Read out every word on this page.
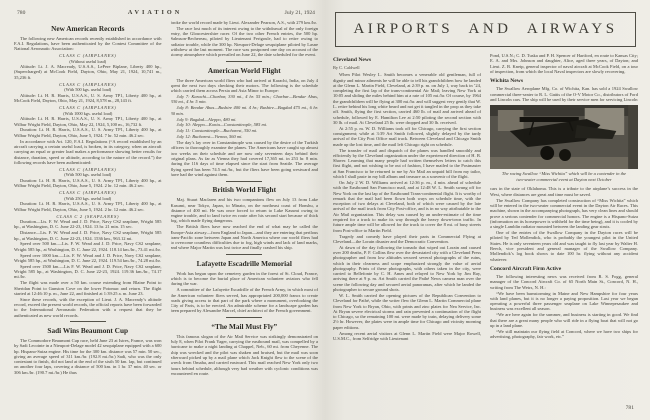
780	AVIATION	July 21, 1924
New American Records
The following new American records recently established in accordance with F.A.I. Regulations, have been authenticated by the Contest Committee of the National Aeronautic Association:
CLASS C (AIRPLANES)
(Without useful load)
Altitude: Lt. J. A. Macready, U.S.A.S., LePere Biplane, Liberty 400 hp., (Supercharged) at McCook Field, Dayton, Ohio, May 21, 1924, 10,741 m., 35,236 ft.
CLASS C (AIRPLANES)
(With 500 kgs. useful load)
Altitude: Lt. H. R. Harris, U.S.A.S., U. S. Army TP1, Liberty 400 hp., at McCook Field, Dayton, Ohio, May 21, 1924, 8,578 m., 28,143 ft.
CLASS C (AIRPLANES)
(With 1000 kgs. useful load)
Altitude: Lt. H. R. Harris, U.S.A.S., U. S. Army TP1, Liberty 400 hp., at Wilbur Wright Field, Dayton, Ohio, May 22, 1924, 5,100 m., 16,732 ft.
Duration: Lt. H. R. Harris, U.S.A.S., U. S. Army TP1, Liberty 400 hp., at Wilbur Wright Field, Dayton, Ohio, June 5, 1924. 7 hr. 52 min. 46.2 sec.
In accordance with Art. 120, F.A.I. Regulations (“A record established by an aircraft carrying a certain useful load, is broken, in its category, when an aircraft carrying an equal or greater load makes a performance showing better results for distance, duration, speed or altitude, according to the nature of the record.”) the following records have been authenticated:
CLASS C (AIRPLANES)
(With 500 kgs. useful load)
Duration: Lt. H. R. Harris, U.S.A.S., U. S. Army TP1, Liberty 400 hp., at Wilbur Wright Field, Dayton, Ohio, June 5, 1924. 2 hr. 12 min. 46.2 sec.
CLASS C (AIRPLANES)
(With 250 kgs. useful load)
Duration: Lt. H. R. Harris, U.S.A.S., U. S. Army TP1, Liberty 400 hp., at Wilbur Wright Field, Dayton, Ohio, June 5, 1924. 2 hr. 12 min. 46.2 sec.
CLASS C 2 (SEAPLANES)
Duration—Lts. F. W. Wead and J. D. Price, Navy CS2 seaplane, Wright 585 hp., at Washington, D. C. June 22-23, 1924. 13 hr. 21 min. 15 sec.
Distance—Lts. F. W. Wead and J. D. Price, Navy CS2 seaplane, Wright 585 hp., at Washington, D. C. June 22-23, 1924. 1536 km., 963.12 mi.
Speed over 500 km.—Lts. F. W. Wead and J. D. Price, Navy CS2 seaplane, Wright 585 hp., at Washington, D. C. June 22, 1924. 118.14 km./hr., 73.41 mi./hr.
Speed over 1000 km.—Lts. F. W. Wead and J. D. Price, Navy CS2 seaplane, Wright 585 hp., at Washington, D. C. June 22, 1924. 119.54 km./hr., 74.28 mi./hr.
Speed over 1500 km.—Lts F. W. Wead and J. D. Price, Navy CS2 seaplane, Wright 585 hp., at Washington, D. C. June 22-23, 1924. 119.36 km./hr., 74.17 mi./hr.
The flight was made over a 50 km. course extending from Blaine Point to Sheridan Point to Gunston Cove on the lower Potomac and return. The flight started at 12:46:10 p. m., June 22, and finished at 1:39:25 a. m. June 23.
Since these records, with the exception of Lieut. J. A. Macready’s altitude record, exceed the present world records, the official reports have been forwarded to the International Aeronautic Federation with a request that they be authenticated as new world records.
Sadi Wins Beaumont Cup
The Commodore Beaumont Cup race, held June 23 at Istres, France, was won by Sadi Lecointe in a Nieuport-Delage model 42 sesquiplane equipped with a 600 hp. Hispano-Suiza engine. His time for the 300 km. distance was 57 min. 50 sec., giving an average speed of 311 km./hr. (192.8 mi./hr.) Sadi, who was the only contestant to finish, did not land at the end of the sixth 50 km. lap, but continued on another four laps, covering a distance of 500 km. in 1 hr. 37 min. 40 sec. or 306 km./hr. (190.7 mi./hr.) He thus
broke the world record made by Lieut. Alexander Pearson, A.S., with 279 km./hr.
The race lost much of its interest owing to the withdrawal of the only foreign entry, the Gloucestershire racer. Of the two other French entries, the 500 hp. Salmson-Bechereau, piloted by Lieutenant Ferigoule, had to retire owing to radiator trouble, while the 300 hp. Nieuport-Delage sesquiplane piloted by Lasne withdrew at the last moment. The race was postponed one day on account of the stormy atmosphere which prevailed on June 22, the date scheduled for the event.
American World Flight
The three American world fliers who had arrived at Karachi, India, on July 4 spent the next two days checking their motors. The following is the schedule which carried them across Persia and Asia Minor to Europe:
July 7: Karachi—Charbar, 330 mi., 4 hr. 55 min.; Charbar—Bendar Abas, 330 mi., 4 hr. 5 min.
July 8: Bendar Abas—Bushire 400 mi. 4 hr.; Bushire—Bagdad 475 mi., 6 hr. 30 min.
July 9: Bagdad—Aleppo, 480 mi.
July 10: Aleppo—Konia—Constantinople, 585 mi.
July 11: Constantinople—Bucharest, 350 mi.
July 12: Bucharest—Vienna, 560 mi.
The day’s lay over in Constantinople was caused by the desire of the Turkish officers to thoroughly examine the planes. The Americans have caught up almost two weeks on their schedule and are now only seventeen days behind their original plans. As far as Vienna they had covered 17,365 mi. in 253 hr. 8 min. during the 116 days of time elapsed since the start from Seattle. The average flying speed has been 74.5 mi./hr., but the fliers have been going westward and have had the wind against them.
British World Flight
Maj. Stuart Maclaren and his two companions flew on July 13 from Lake Kasumi, near Tokyo, Japan, to Minato, on the northeast coast of Honshu, a distance of 400 mi. He was once forced to return to Lake Kasumi owing to engine trouble, and to land twice en route after his second start because of thick fog, which made flying dangerous.
The British fliers have now reached the end of what may be called the Europe-Asia airway—from England to Japan—and they are entering that perilous trans-Pacific zone between Japan and North America where our world fliers had to overcome countless difficulties due to fog, high winds and lack of land marks, and where Major Martin was lost twice and finally crashed his ship.
Lafayette Escadrille Memorial
Work has begun upon the cemetery garden in the forest of St. Cloud, France, which is to become the burial place of American volunteer aviators who fell during the war.
A committee of the Lafayette Escadrille of the French Army, in which most of the American volunteer fliers served, has appropriated 200,000 francs to create roads giving access to that part of the park where a monument, overlooking the City of Paris, is to be erected. An admirable scheme for a landscape garden has been prepared by Alexandre Marcel, chief architect of the French government.
“The Mail Must Fly”
This famous slogan of the Air Mail Service was strikingly demonstrated on July 8, when Pilot Frank Yager, carrying the eastbound mail, was compelled by a hurricane to make a night landing at Chappel, Neb., 60 mi. from Cheyenne. The ship was wrecked and the pilot was shaken and bruised, but the mail was soon afterward picked up by a mail plane which Jack Knight flew to the scene of the wreck from Omaha, and carried eastward. This mail reached New York only two hours behind schedule, although very bad weather with cyclonic conditions was encountered en route.
AIRPORTS AND AIRWAYS
Cleveland News
By C. Caldwell
When Pilot Wesley L. Smith becomes a venerable old gentleman, full of dignity and minor ailments he will be able to tell his grandchildren how he landed at the Glenn L. Martin Field, Cleveland, at 2:39 p. m. on July 1, way back in ’24, completing the first lap of the trans-continental Air Mail; leaving New York at 10:05 and sliding the miles behind him at a rate of 105 mi./hr. Of course, by 1964 the grandchildren will be flying at 300 mi./hr. and will suggest very gently that W. L. retire behind his long white beard and not get it tangled in the prop as they take off. Smith, flying the first section, carried 460 lb. of mail and arrived ahead of schedule, followed by E. Hamilton Lee at 2:50 piloting the second section with 30 lb. of mail. At Cleveland 25 lb. were dropped and 30 lb. received.
At 2:55 p. m. W. D. Williams took off for Chicago, carrying the first section consignment; while at 3:39 Art Smith followed, slightly delayed by the tardy arrival of the City Post Office mail truck. Between Cleveland and Chicago Smith made up the lost time, and the mail left Chicago right on schedule.
The transfer of mail and dispatch of the planes was handled smoothly and efficiently by the Cleveland organization under the experienced direction of H. B. Shaver. Learning that many people had written themselves letters to catch this first flight, and not wishing to be out of fashion, I have mailed to the Postmaster at San Francisco to be returned to me by Air Mail an unpaid bill from my tailor, which I shall paste in my bill album and treasure as a souvenir of the flight.
On July 2 W. D. Williams arrived at 12:36 p. m., 4 min. ahead of schedule with the Eastbound San Francisco mail, and at 12:48 W. L. Smith swung off for New York on the last lap of the Eastbound Trans-continental flight. It is worthy of remark that the mail had been flown both ways on schedule time, with the exception of two delays at Cleveland, both of which were caused by the late arrival of the mail truck from City Post-office, and is in no way attributable to the Air Mail organization. This delay was caused by an under-estimate of the time required for a truck to make its way through the heavy down-town traffic. In future ample time will be allowed for the truck to cover the 8 mi. of busy streets from Post-office to Martin Field.
Tragedy and comedy have played their parts in Commercial Flying at Cleveland—the Lorain disaster and the Democratic Convention.
At dawn of the day following the tornado that wiped out Lorain and caused over 200 deaths, P. F. Collins flew over the devastated city with a Cleveland Press photographer and from low altitudes secured several photographs of the ruins, which in their clearness and scope emphasized strongly the value of aerial photography. Prints of these photographs, with others taken in the city, were carried to Bellefonte by C. H. Ames and relayed to New York by Jim Ray, arriving there at 9 p. m. Art Smith carried the Pathé News camera man over the scene the following day and secured aerial panoramas, after which he landed the photographer to secure ground shots.
W. L. Smith carried the opening pictures of the Republican Convention to Cleveland for Pathé, while the writer flew the Glenn L. Martin Commercial plane from New York to Bryan, Ohio, with prints and zinc plates for Nea Service, Inc. At Bryan severe electrical storms and rain prevented a continuation of the flight to Chicago, so the remaining 100 mi. were made by train, delaying delivery some 2½ hr. However, the plates were in ample time for Chicago and vicinity morning paper editions.
Among recent aerial visitors at Glenn L. Martin Field were Major Rowell, U.S.M.C., from Selfridge with Lieutenant
Pond, U.S.N.; C. D. Tuska and P. H. Spencer of Hartford, en route to Kansas City; E. A. and Mrs. Johnson and daughter, Alice, aged three years, of Dayton; and Lieut. Z. B. Kneip, general inspector of naval aircraft at McCook Field, on a tour of inspection, from which the local Naval inspectors are slowly recovering.
Wichita News
The Swallow Aeroplane Mfg. Co. of Wichita, Kan. has sold a 1924 Swallow commercial three-seater to R. L. Gattis of the O-V Motor Co., distributors of Ford and Lincoln cars. The ship will be used by their service men for servicing Lincoln
The racing Swallow “Miss Wichita” which will be a contender in the two-seater commercial event at Dayton next October
cars in the state of Oklahoma. This is a tribute to the airplane’s success in the West, where distances are great and time must be saved.
The Swallow Company has completed construction of “Miss Wichita” which will be entered in the two-seater commercial event in the Dayton Air Races. This machine, shown in the accompanying photograph, has very clean lines and should prove a serious contender for commercial honors. The engine is a Hispano-Suiza (information on its horsepower is withheld for the time being), and it is cooled by a single Lamblin radiator mounted between the landing gear struts.
One of the entries of the Swallow Company in the Dayton races will be piloted by Ted Mollendick, who is probably the youngest pilot in the United States. He is only seventeen years old and was taught to fly last year by Walter H. Beech, vice president and general manager of the Swallow Company. Mollendick’s log book shows to date 100 hr. flying without any accident whatever.
Concord Aircraft Firm Active
The following interesting news was received from R. S. Fogg, general manager of the Concord Aircraft Co. of 65 North Main St., Concord, N. H., writing from The Weirs, N. H.:
“We have been barnstorming in Maine and New Hampshire for four years with land planes, but it is no longer a paying proposition. Last year we began operating a powerful three passenger seaplane on Lake Winnepesaukee and business was excellent all season.
“We are here again for the summer, and business is starting in good. We find that there are a great many people who will ride in a flying boat that will not go up in a land plane.
“We still maintain our flying field at Concord, where we have two ships for advertising, photography, fair work, etc.”
781
